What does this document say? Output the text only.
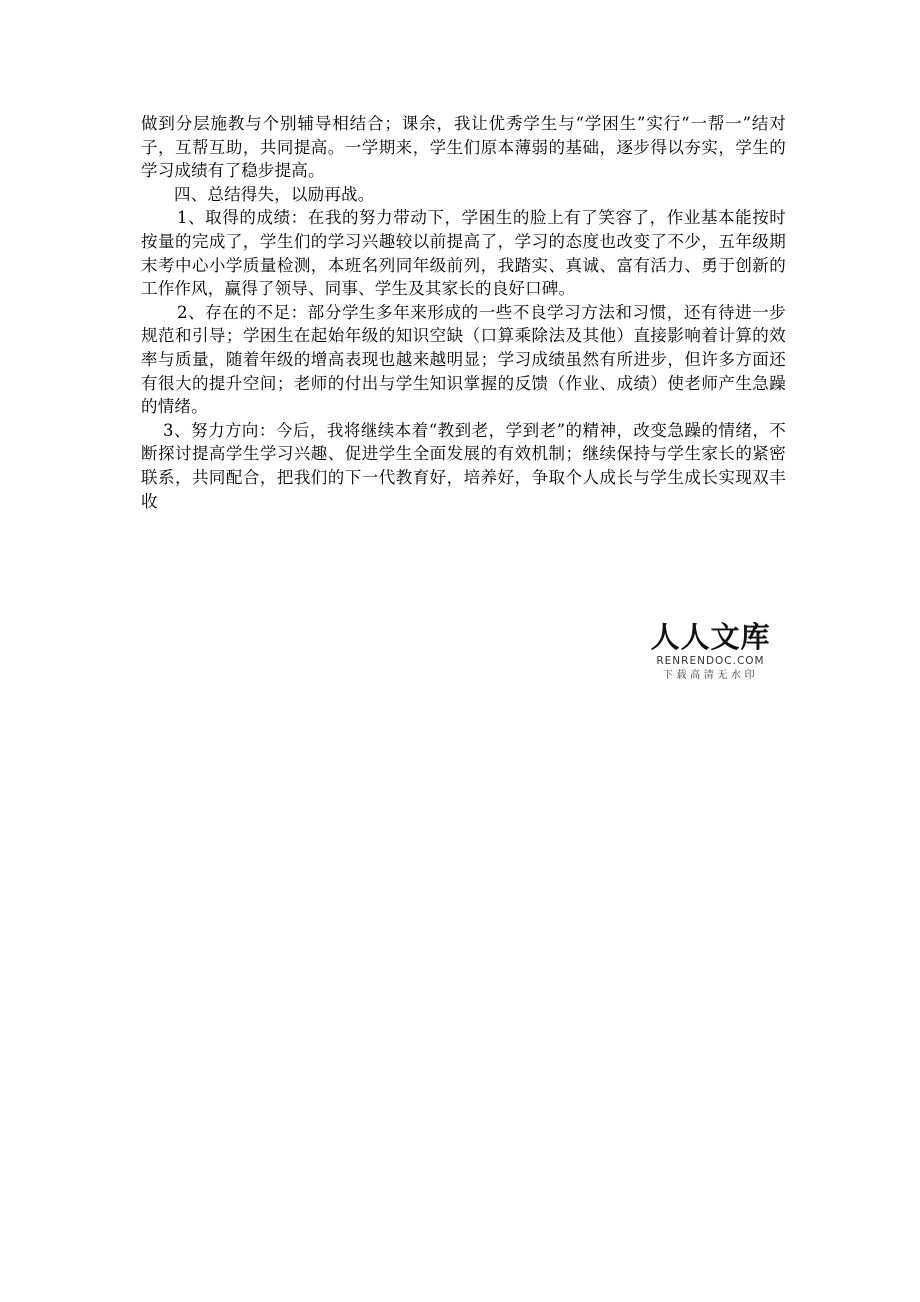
做到分层施教与个别辅导相结合；课余，我让优秀学生与“学困生”实行“一帮一”结对子，互帮互助，共同提高。一学期来，学生们原本薄弱的基础，逐步得以夯实，学生的学习成绩有了稳步提高。

四、总结得失，以励再战。

1、取得的成绩：在我的努力带动下，学困生的脸上有了笑容了，作业基本能按时按量的完成了，学生们的学习兴趣较以前提高了，学习的态度也改变了不少，五年级期末考中心小学质量检测，本班名列同年级前列，我踏实、真诚、富有活力、勇于创新的工作作风，赢得了领导、同事、学生及其家长的良好口碑。

2、存在的不足：部分学生多年来形成的一些不良学习方法和习惯，还有待进一步规范和引导；学困生在起始年级的知识空缺（口算乘除法及其他）直接影响着计算的效率与质量，随着年级的增高表现也越来越明显；学习成绩虽然有所进步，但许多方面还有很大的提升空间；老师的付出与学生知识掌握的反馈（作业、成绩）使老师产生急躁的情绪。

3、努力方向：今后，我将继续本着“教到老，学到老”的精神，改变急躁的情绪，不断探讨提高学生学习兴趣、促进学生全面发展的有效机制；继续保持与学生家长的紧密联系，共同配合，把我们的下一代教育好，培养好，争取个人成长与学生成长实现双丰收

人人文库
RENRENDOC.COM
下载高清无水印
